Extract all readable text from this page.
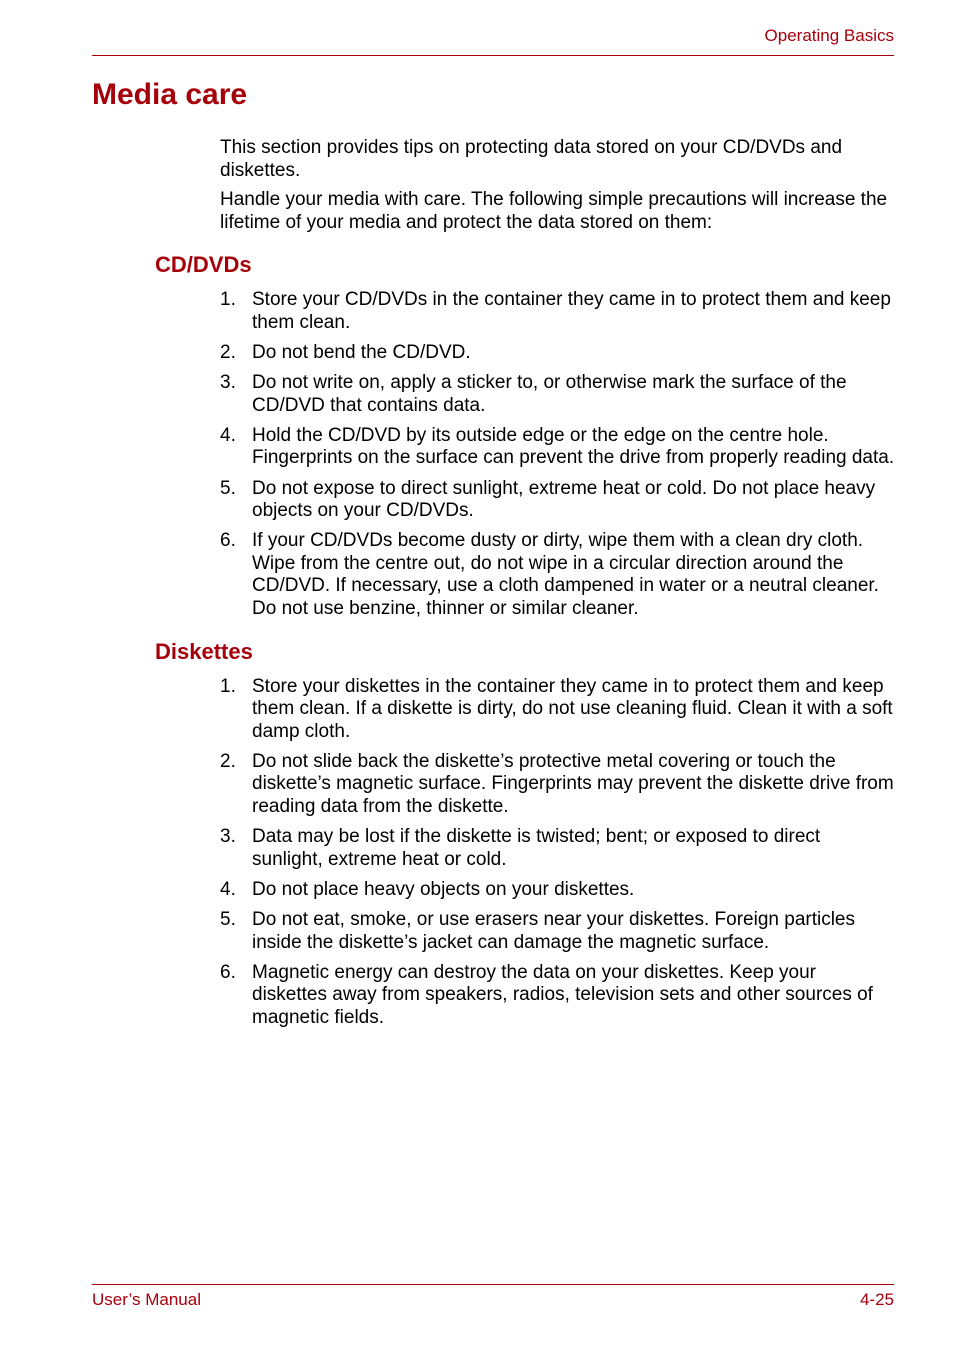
Operating Basics
Media care

This section provides tips on protecting data stored on your CD/DVDs and diskettes.

Handle your media with care. The following simple precautions will increase the lifetime of your media and protect the data stored on them:

CD/DVDs
1. Store your CD/DVDs in the container they came in to protect them and keep them clean.
2. Do not bend the CD/DVD.
3. Do not write on, apply a sticker to, or otherwise mark the surface of the CD/DVD that contains data.
4. Hold the CD/DVD by its outside edge or the edge on the centre hole. Fingerprints on the surface can prevent the drive from properly reading data.
5. Do not expose to direct sunlight, extreme heat or cold. Do not place heavy objects on your CD/DVDs.
6. If your CD/DVDs become dusty or dirty, wipe them with a clean dry cloth. Wipe from the centre out, do not wipe in a circular direction around the CD/DVD. If necessary, use a cloth dampened in water or a neutral cleaner. Do not use benzine, thinner or similar cleaner.
Diskettes
1. Store your diskettes in the container they came in to protect them and keep them clean. If a diskette is dirty, do not use cleaning fluid. Clean it with a soft damp cloth.
2. Do not slide back the diskette’s protective metal covering or touch the diskette’s magnetic surface. Fingerprints may prevent the diskette drive from reading data from the diskette.
3. Data may be lost if the diskette is twisted; bent; or exposed to direct sunlight, extreme heat or cold.
4. Do not place heavy objects on your diskettes.
5. Do not eat, smoke, or use erasers near your diskettes. Foreign particles inside the diskette’s jacket can damage the magnetic surface.
6. Magnetic energy can destroy the data on your diskettes. Keep your diskettes away from speakers, radios, television sets and other sources of magnetic fields.
User’s Manual	4-25
